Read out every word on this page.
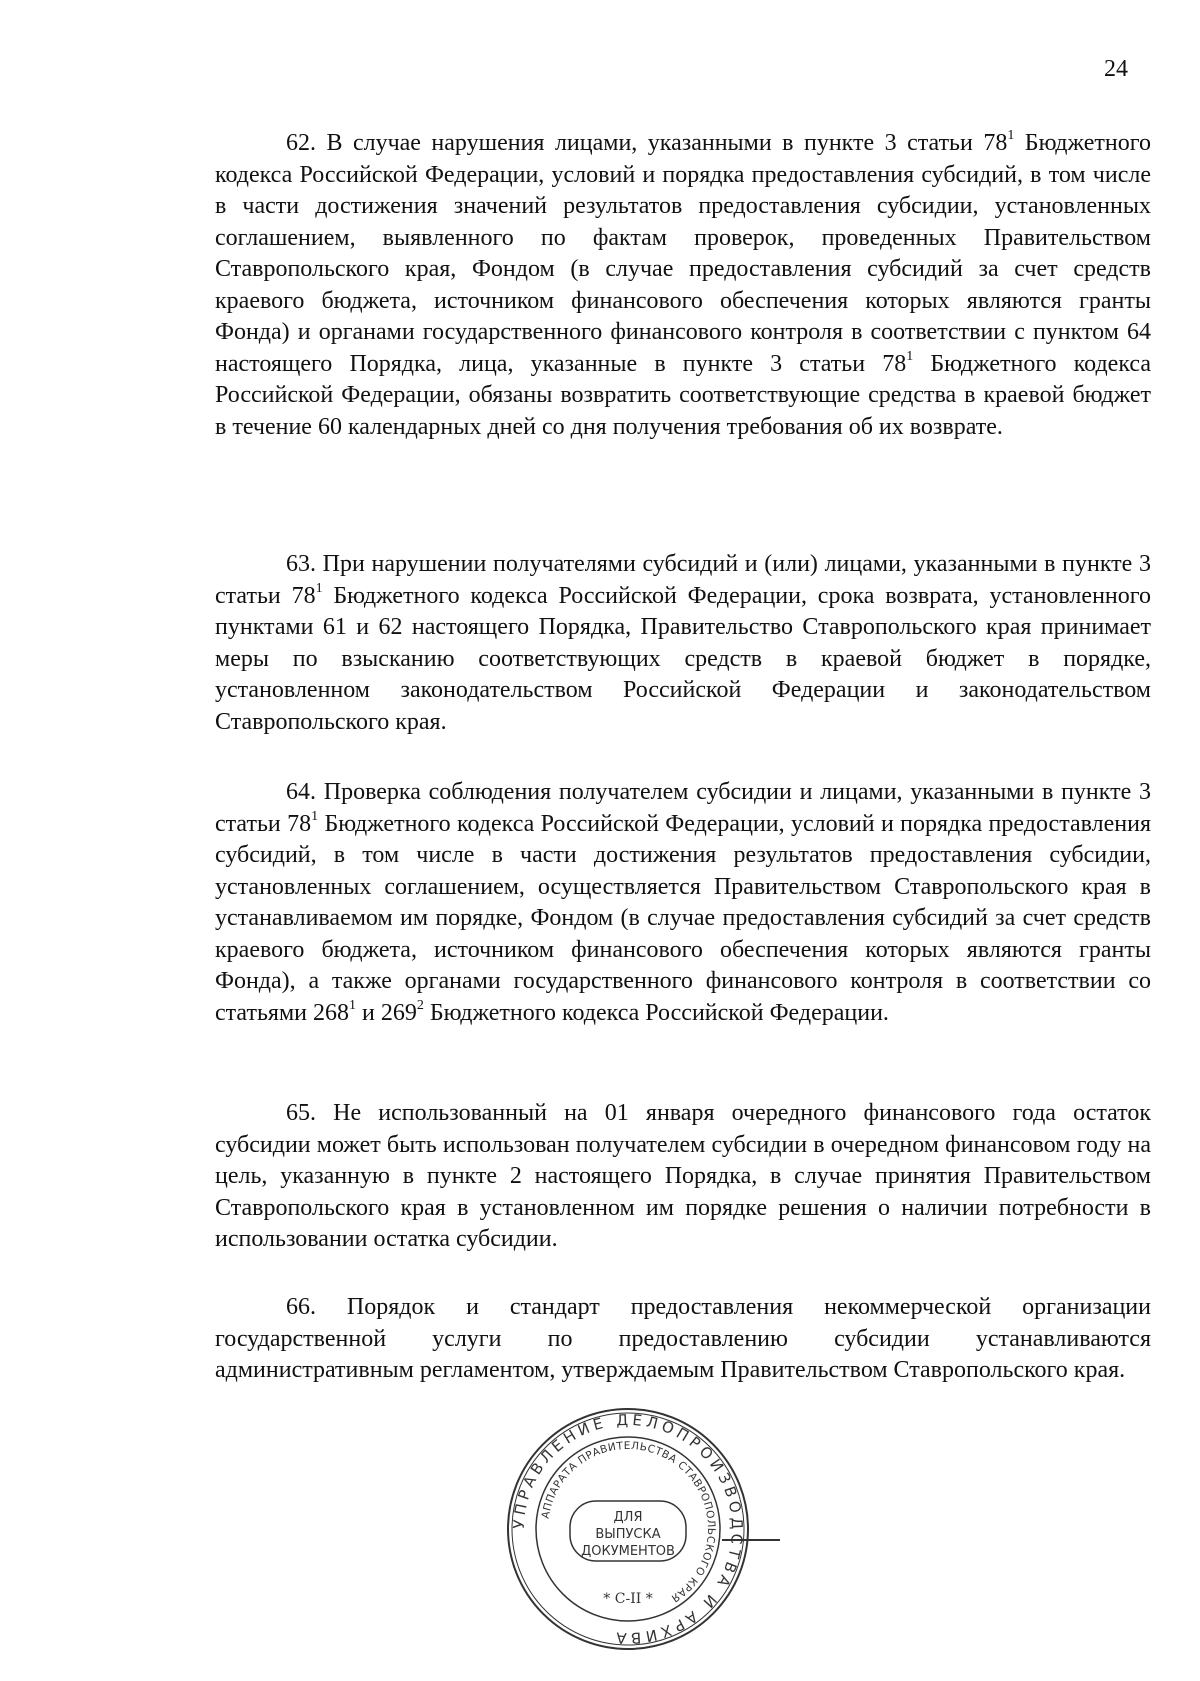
24

62. В случае нарушения лицами, указанными в пункте 3 статьи $78^1$ Бюджетного кодекса Российской Федерации, условий и порядка предоставления субсидий, в том числе в части достижения значений результатов предоставления субсидии, установленных соглашением, выявленного по фактам проверок, проведенных Правительством Ставропольского края, Фондом (в случае предоставления субсидий за счет средств краевого бюджета, источником финансового обеспечения которых являются гранты Фонда) и органами государственного финансового контроля в соответствии с пунктом 64 настоящего Порядка, лица, указанные в пункте 3 статьи $78^1$ Бюджетного кодекса Российской Федерации, обязаны возвратить соответствующие средства в краевой бюджет в течение 60 календарных дней со дня получения требования об их возврате.

63. При нарушении получателями субсидий и (или) лицами, указанными в пункте 3 статьи $78^1$ Бюджетного кодекса Российской Федерации, срока возврата, установленного пунктами 61 и 62 настоящего Порядка, Правительство Ставропольского края принимает меры по взысканию соответствующих средств в краевой бюджет в порядке, установленном законодательством Российской Федерации и законодательством Ставропольского края.

64. Проверка соблюдения получателем субсидии и лицами, указанными в пункте 3 статьи $78^1$ Бюджетного кодекса Российской Федерации, условий и порядка предоставления субсидий, в том числе в части достижения результатов предоставления субсидии, установленных соглашением, осуществляется Правительством Ставропольского края в устанавливаемом им порядке, Фондом (в случае предоставления субсидий за счет средств краевого бюджета, источником финансового обеспечения которых являются гранты Фонда), а также органами государственного финансового контроля в соответствии со статьями $268^1$ и $269^2$ Бюджетного кодекса Российской Федерации.

65. Не использованный на 01 января очередного финансового года остаток субсидии может быть использован получателем субсидии в очередном финансовом году на цель, указанную в пункте 2 настоящего Порядка, в случае принятия Правительством Ставропольского края в установленном им порядке решения о наличии потребности в использовании остатка субсидии.

66. Порядок и стандарт предоставления некоммерческой организации государственной услуги по предоставлению субсидии устанавливаются административным регламентом, утверждаемым Правительством Ставропольского края.

УПРАВЛЕНИЕ ДЕЛОПРОИЗВОДСТВА И АРХИВА
АППАРАТА ПРАВИТЕЛЬСТВА СТАВРОПОЛЬСКОГО КРАЯ
ДЛЯ
ВЫПУСКА
ДОКУМЕНТОВ
* С-II *
